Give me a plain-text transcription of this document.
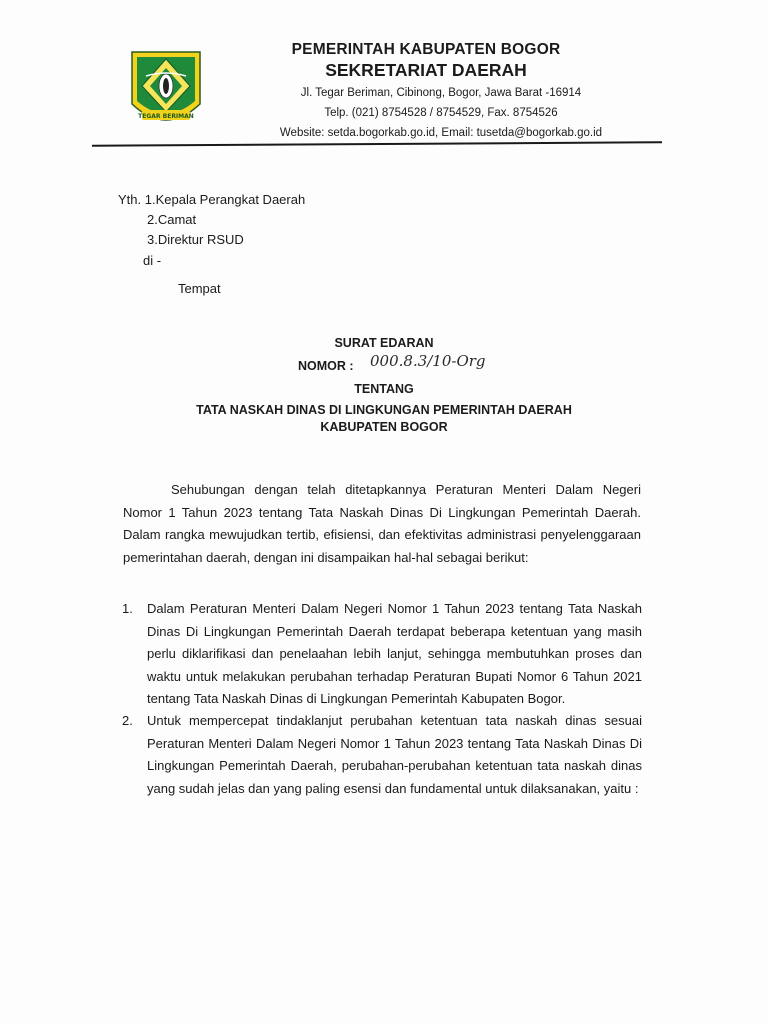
TEGAR BERIMAN

PEMERINTAH KABUPATEN BOGOR

SEKRETARIAT DAERAH

Jl. Tegar Beriman, Cibinong, Bogor, Jawa Barat -16914
Telp. (021) 8754528 / 8754529, Fax. 8754526
Website: setda.bogorkab.go.id, Email: tusetda@bogorkab.go.id

Yth. 1.Kepala Perangkat Daerah
2.Camat
3.Direktur RSUD
di -
Tempat
SURAT EDARAN
NOMOR : 000.8.3/10-Org
TENTANG
TATA NASKAH DINAS DI LINGKUNGAN PEMERINTAH DAERAH
KABUPATEN BOGOR
Sehubungan dengan telah ditetapkannya Peraturan Menteri Dalam Negeri Nomor 1 Tahun 2023 tentang Tata Naskah Dinas Di Lingkungan Pemerintah Daerah. Dalam rangka mewujudkan tertib, efisiensi, dan efektivitas administrasi penyelenggaraan pemerintahan daerah, dengan ini disampaikan hal-hal sebagai berikut:
1. Dalam Peraturan Menteri Dalam Negeri Nomor 1 Tahun 2023 tentang Tata Naskah Dinas Di Lingkungan Pemerintah Daerah terdapat beberapa ketentuan yang masih perlu diklarifikasi dan penelaahan lebih lanjut, sehingga membutuhkan proses dan waktu untuk melakukan perubahan terhadap Peraturan Bupati Nomor 6 Tahun 2021 tentang Tata Naskah Dinas di Lingkungan Pemerintah Kabupaten Bogor.
2. Untuk mempercepat tindaklanjut perubahan ketentuan tata naskah dinas sesuai Peraturan Menteri Dalam Negeri Nomor 1 Tahun 2023 tentang Tata Naskah Dinas Di Lingkungan Pemerintah Daerah, perubahan-perubahan ketentuan tata naskah dinas yang sudah jelas dan yang paling esensi dan fundamental untuk dilaksanakan, yaitu :
